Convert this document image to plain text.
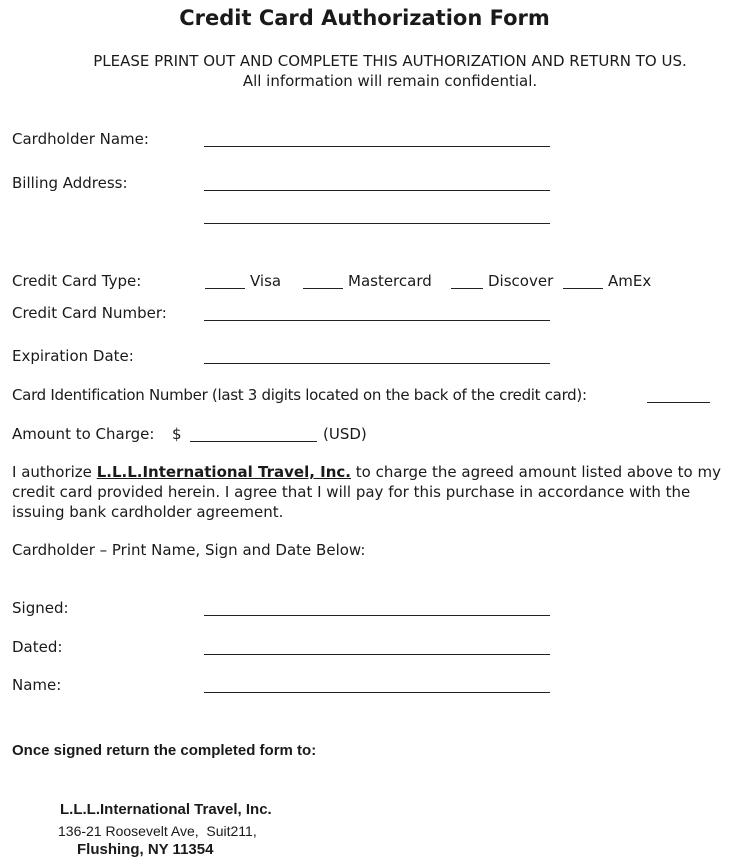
Credit Card Authorization Form
PLEASE PRINT OUT AND COMPLETE THIS AUTHORIZATION AND RETURN TO US.
All information will remain confidential.
Cardholder Name:
Billing Address:
Credit Card Type:	Visa	Mastercard	Discover	AmEx
Credit Card Number:
Expiration Date:
Card Identification Number (last 3 digits located on the back of the credit card):
Amount to Charge: $	(USD)
I authorize L.L.L.International Travel, Inc. to charge the agreed amount listed above to my credit card provided herein. I agree that I will pay for this purchase in accordance with the issuing bank cardholder agreement.
Cardholder – Print Name, Sign and Date Below:
Signed:
Dated:
Name:
Once signed return the completed form to:
L.L.L.International Travel, Inc.
136-21 Roosevelt Ave,  Suit211,
Flushing, NY 11354
